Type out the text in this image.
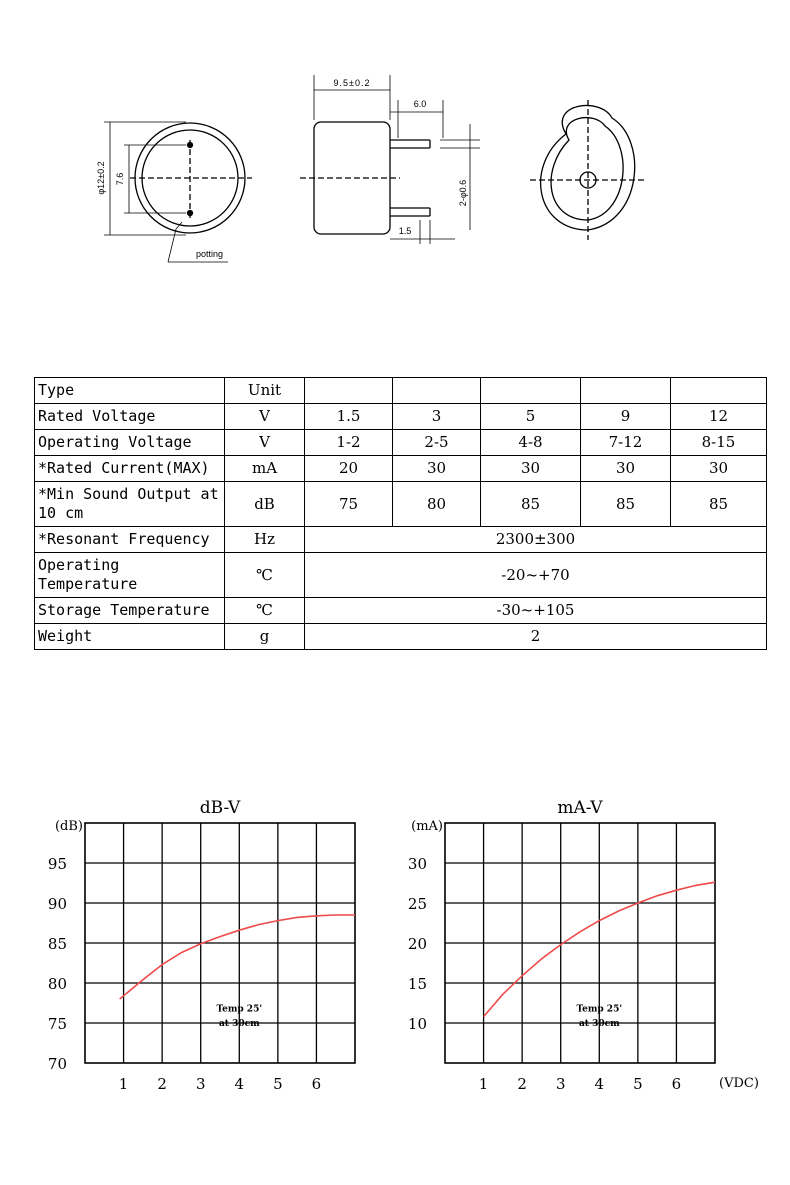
9.5±0.2
6.0
1.5
potting
φ12±0.2 7.6
2-φ0.6
Type	Unit					
Rated Voltage	V	1.5	3	5	9	12
Operating Voltage	V	1-2	2-5	4-8	7-12	8-15
*Rated Current(MAX)	mA	20	30	30	30	30
*Min Sound Output at
10 cm	dB	75	80	85	85	85
*Resonant Frequency	Hz	2300±300				
Operating
Temperature	℃	-20~+70				
Storage Temperature	℃	-30~+105				
Weight	g	2				
dB-V
(dB)
70
75
80
85
90
95
1 2 3 4 5 6
Temp 25'
at 30cm
mA-V
(mA)
10
15
20
25
30
1 2 3 4 5 6	(VDC)
Temp 25'
at 30cm
